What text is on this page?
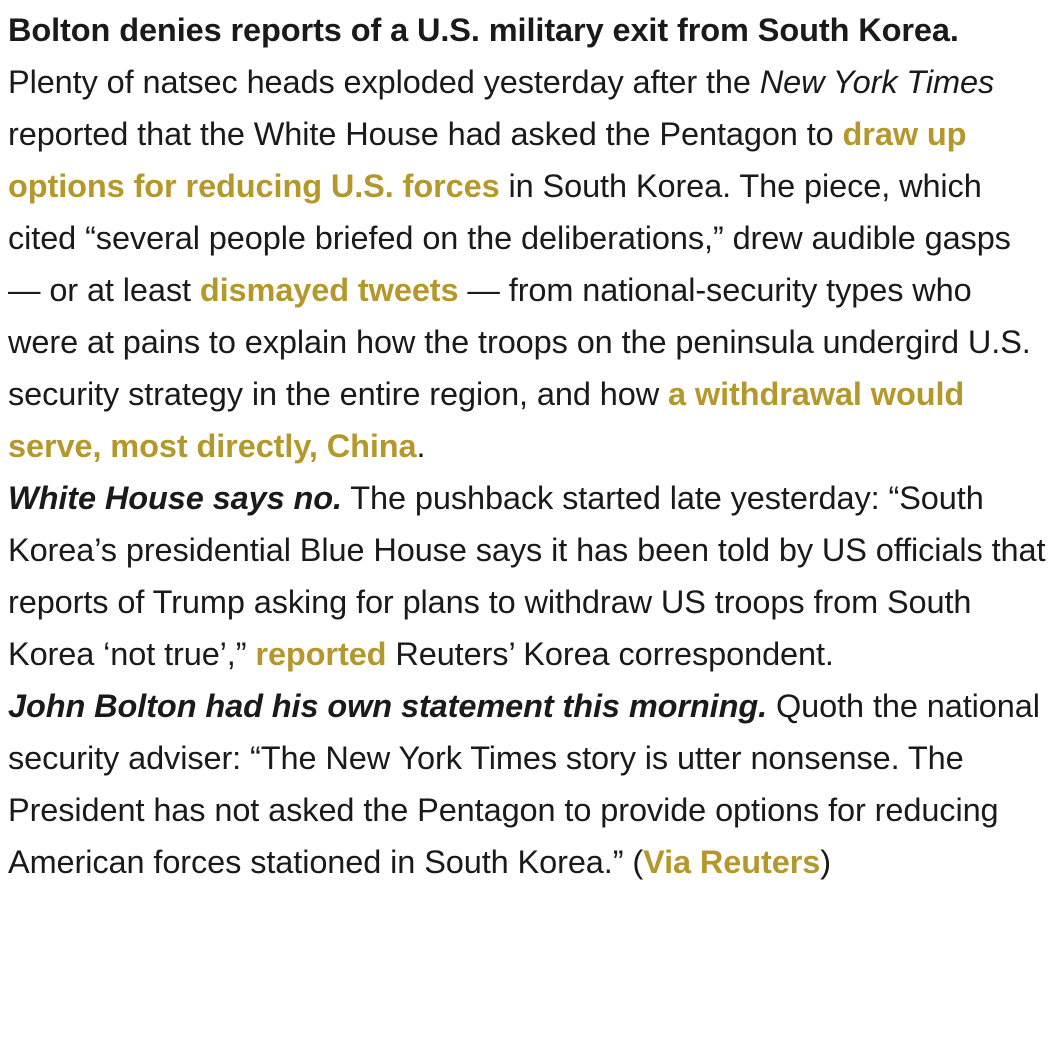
Bolton denies reports of a U.S. military exit from South Korea. Plenty of natsec heads exploded yesterday after the New York Times reported that the White House had asked the Pentagon to draw up options for reducing U.S. forces in South Korea. The piece, which cited “several people briefed on the deliberations,” drew audible gasps — or at least dismayed tweets — from national-security types who were at pains to explain how the troops on the peninsula undergird U.S. security strategy in the entire region, and how a withdrawal would serve, most directly, China.

White House says no. The pushback started late yesterday: “South Korea’s presidential Blue House says it has been told by US officials that reports of Trump asking for plans to withdraw US troops from South Korea ‘not true’,” reported Reuters’ Korea correspondent.

John Bolton had his own statement this morning. Quoth the national security adviser: “The New York Times story is utter nonsense. The President has not asked the Pentagon to provide options for reducing American forces stationed in South Korea.” (Via Reuters)
